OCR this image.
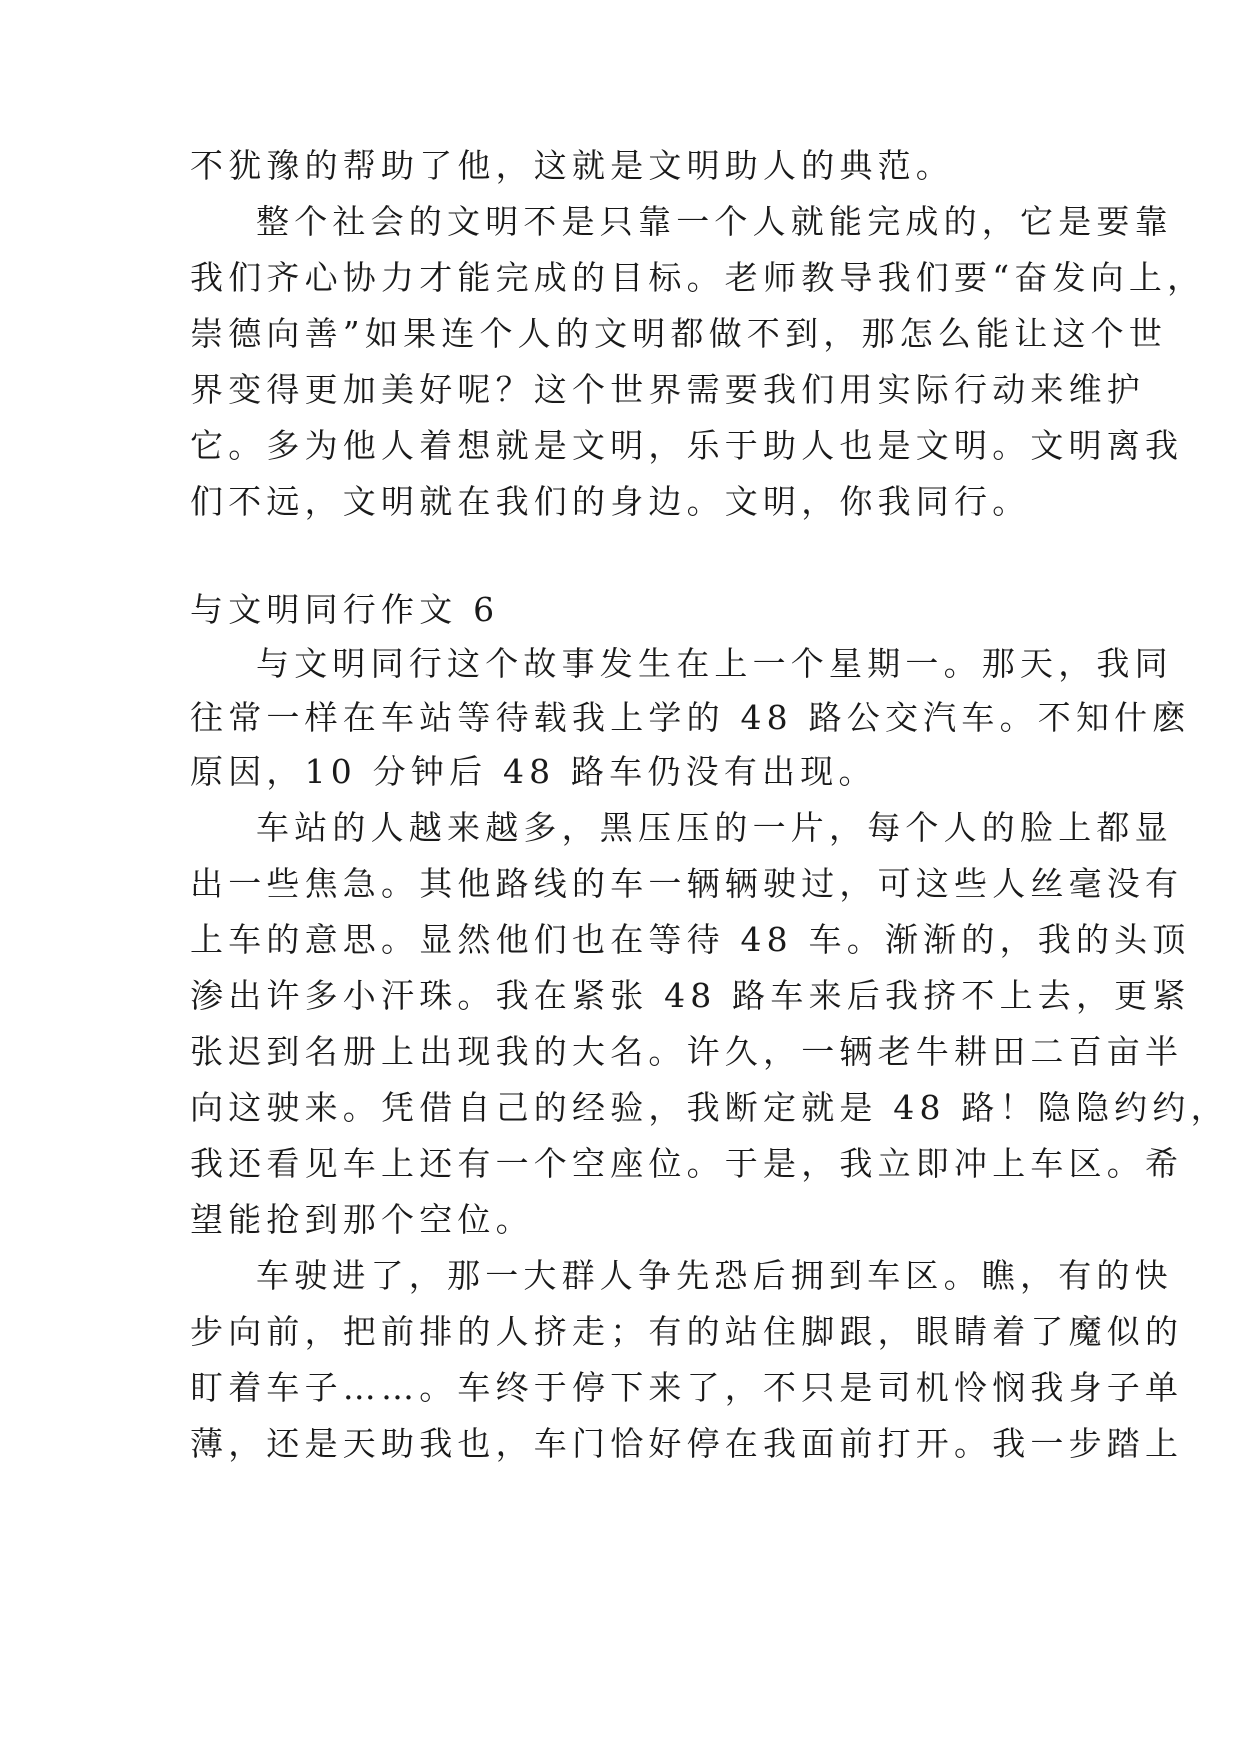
不犹豫的帮助了他，这就是文明助人的典范。
整个社会的文明不是只靠一个人就能完成的，它是要靠
我们齐心协力才能完成的目标。老师教导我们要“奋发向上，
崇德向善”如果连个人的文明都做不到，那怎么能让这个世
界变得更加美好呢？这个世界需要我们用实际行动来维护
它。多为他人着想就是文明，乐于助人也是文明。文明离我
们不远，文明就在我们的身边。文明，你我同行。
与文明同行作文 6
与文明同行这个故事发生在上一个星期一。那天，我同
往常一样在车站等待载我上学的 48 路公交汽车。不知什麽
原因，10 分钟后 48 路车仍没有出现。
车站的人越来越多，黑压压的一片，每个人的脸上都显
出一些焦急。其他路线的车一辆辆驶过，可这些人丝毫没有
上车的意思。显然他们也在等待 48 车。渐渐的，我的头顶
渗出许多小汗珠。我在紧张 48 路车来后我挤不上去，更紧
张迟到名册上出现我的大名。许久，一辆老牛耕田二百亩半
向这驶来。凭借自己的经验，我断定就是 48 路！隐隐约约，
我还看见车上还有一个空座位。于是，我立即冲上车区。希
望能抢到那个空位。
车驶进了，那一大群人争先恐后拥到车区。瞧，有的快
步向前，把前排的人挤走；有的站住脚跟，眼睛着了魔似的
盯着车子……。车终于停下来了，不只是司机怜悯我身子单
薄，还是天助我也，车门恰好停在我面前打开。我一步踏上
